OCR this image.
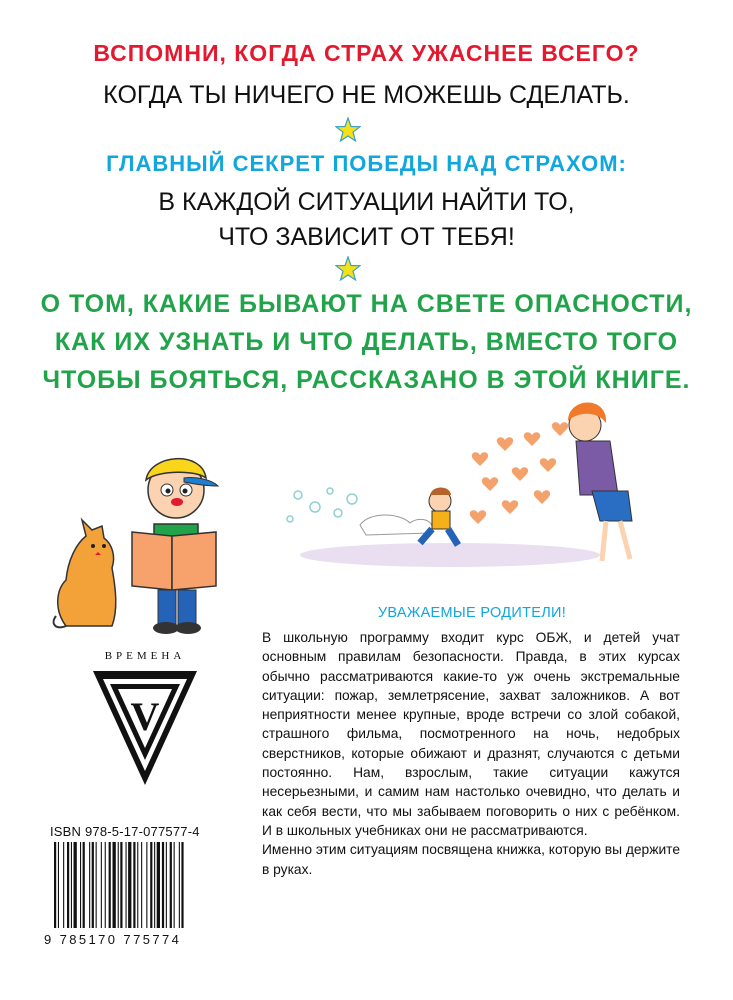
ВСПОМНИ, КОГДА СТРАХ УЖАСНЕЕ ВСЕГО?
КОГДА ТЫ НИЧЕГО НЕ МОЖЕШЬ СДЕЛАТЬ.
ГЛАВНЫЙ СЕКРЕТ ПОБЕДЫ НАД СТРАХОМ:
В КАЖДОЙ СИТУАЦИИ НАЙТИ ТО,
ЧТО ЗАВИСИТ ОТ ТЕБЯ!
О ТОМ, КАКИЕ БЫВАЮТ НА СВЕТЕ ОПАСНОСТИ,
КАК ИХ УЗНАТЬ И ЧТО ДЕЛАТЬ, ВМЕСТО ТОГО
ЧТОБЫ БОЯТЬСЯ, РАССКАЗАНО В ЭТОЙ КНИГЕ.
ВРЕМЕНА
V
ISBN 978-5-17-077577-4
9 785170 775774
УВАЖАЕМЫЕ РОДИТЕЛИ!

В школьную программу входит курс ОБЖ, и детей учат основным правилам безопасности. Правда, в этих курсах обычно рассматриваются какие-то уж очень экстремальные ситуации: пожар, землетрясение, захват заложников. А вот неприятности менее крупные, вроде встречи со злой собакой, страшного фильма, посмотренного на ночь, недобрых сверстников, которые обижают и дразнят, случаются с детьми постоянно. Нам, взрослым, такие ситуации кажутся несерьезными, и самим нам настолько очевидно, что делать и как себя вести, что мы забываем поговорить о них с ребёнком. И в школьных учебниках они не рассматриваются.

Именно этим ситуациям посвящена книжка, которую вы держите в руках.
